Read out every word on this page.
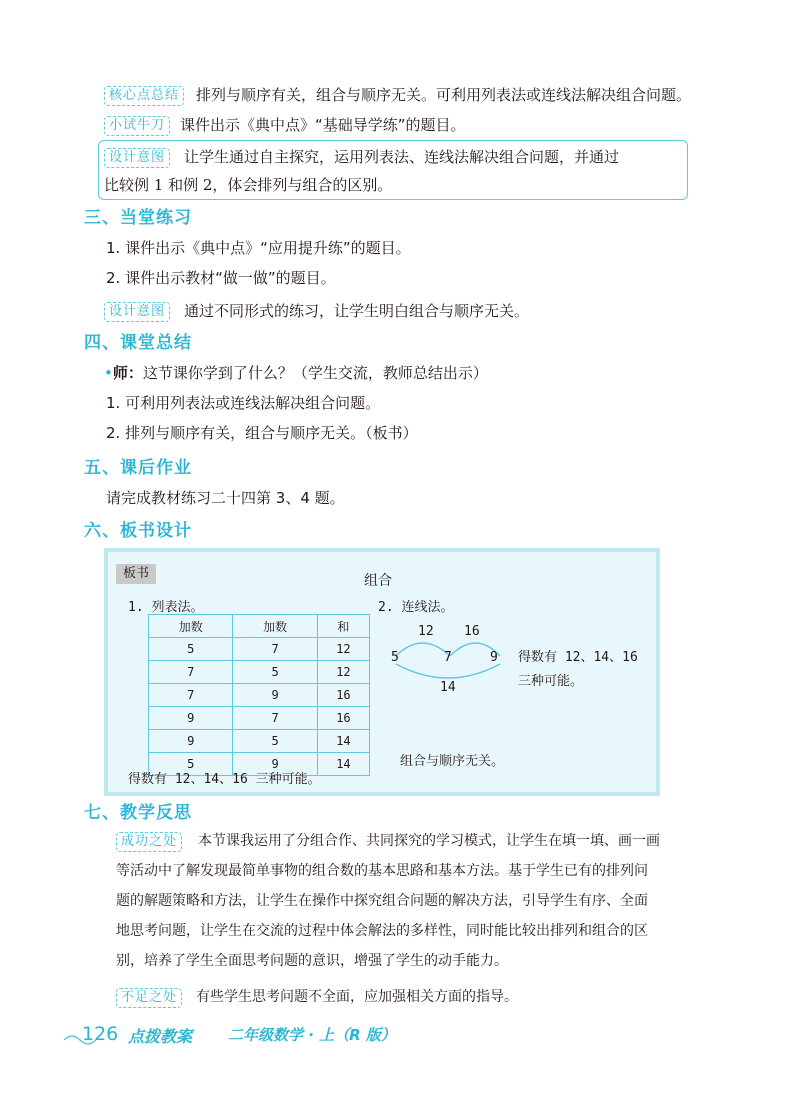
核心点总结	排列与顺序有关，组合与顺序无关。可利用列表法或连线法解决组合问题。
小试牛刀 课件出示《典中点》“基础导学练”的题目。
设计意图	让学生通过自主探究，运用列表法、连线法解决组合问题，并通过
比较例 1 和例 2，体会排列与组合的区别。
三、当堂练习
1. 课件出示《典中点》“应用提升练”的题目。
2. 课件出示教材“做一做”的题目。
设计意图	通过不同形式的练习，让学生明白组合与顺序无关。
四、课堂总结
•师：这节课你学到了什么？（学生交流，教师总结出示）
1. 可利用列表法或连线法解决组合问题。
2. 排列与顺序有关，组合与顺序无关。（板书）
五、课后作业
请完成教材练习二十四第 3、4 题。
六、板书设计
板书	组合
1. 列表法。	2. 连线法。
加数	加数	和
5	7	12
7	5	12
7	9	16
9	7	16
9	5	14
5	9	14
得数有 12、14、16 三种可能。
5	7	9
12 16
14
得数有 12、14、16
三种可能。
组合与顺序无关。
七、教学反思
成功之处	本节课我运用了分组合作、共同探究的学习模式，让学生在填一填、画一画
等活动中了解发现最简单事物的组合数的基本思路和基本方法。基于学生已有的排列问
题的解题策略和方法，让学生在操作中探究组合问题的解决方法，引导学生有序、全面
地思考问题，让学生在交流的过程中体会解法的多样性，同时能比较出排列和组合的区
别，培养了学生全面思考问题的意识，增强了学生的动手能力。
不足之处	有些学生思考问题不全面，应加强相关方面的指导。
126 点拨教案 二年级数学 · 上（R 版）
